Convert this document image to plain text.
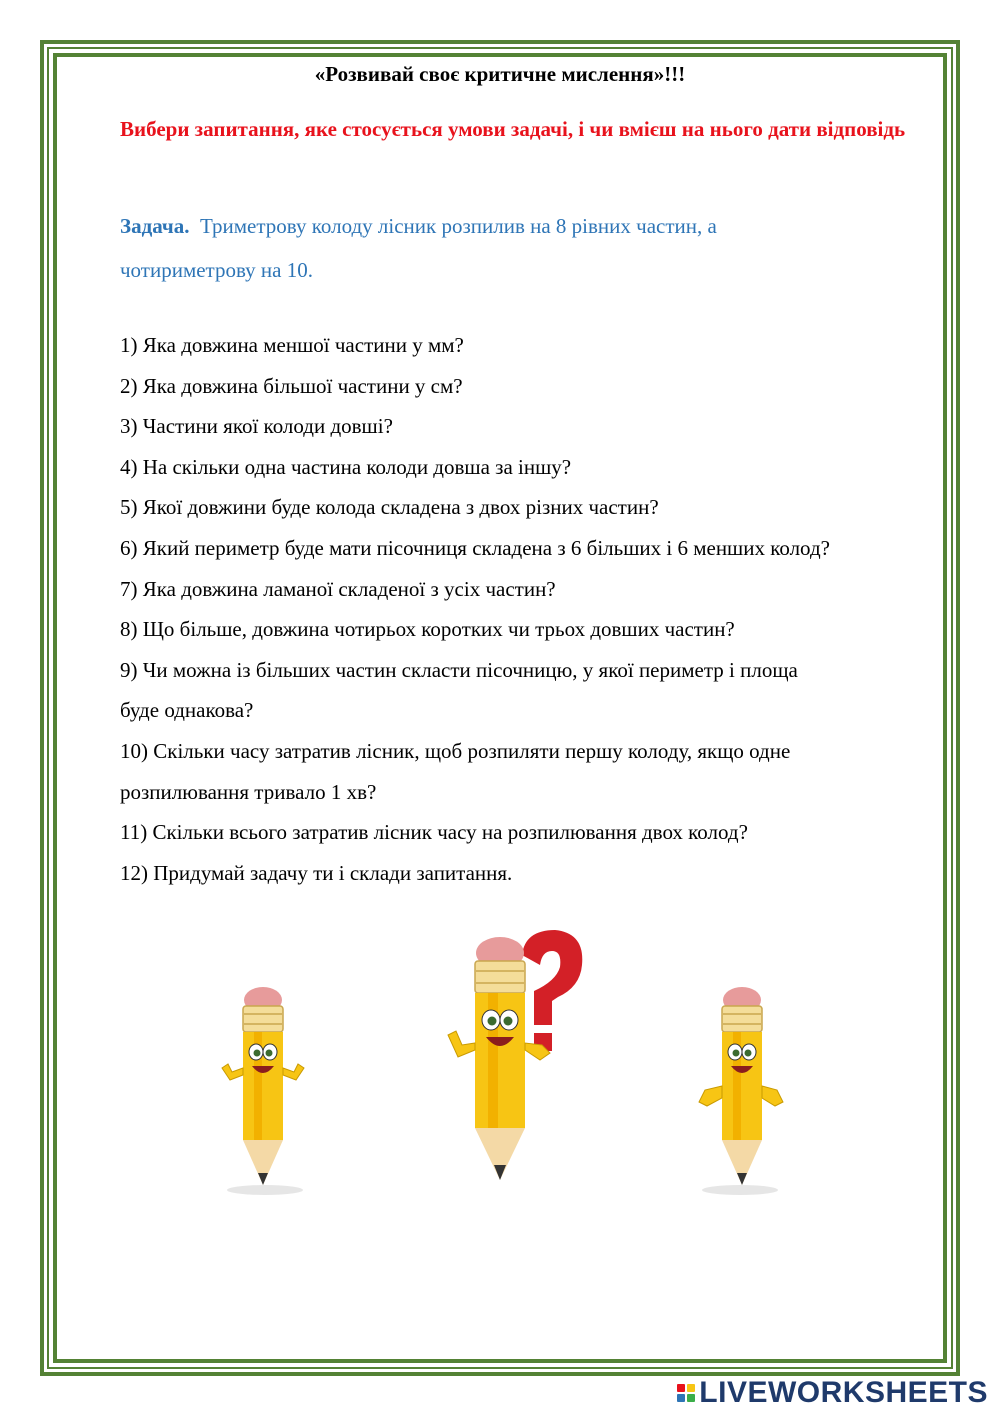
«Розвивай своє критичне мислення»!!!
Вибери запитання, яке стосується умови задачі, і чи вмієш на нього дати відповідь
Задача. Триметрову колоду лісник розпилив на 8 рівних частин, а
чотириметрову на 10.
1) Яка довжина меншої частини у мм?
2) Яка довжина більшої частини у см?
3) Частини якої колоди довші?
4) На скільки одна частина колоди довша за іншу?
5) Якої довжини буде колода складена з двох різних частин?
6) Який периметр буде мати пісочниця складена з 6 більших і 6 менших колод?
7) Яка довжина ламаної складеної з усіх частин?
8) Що більше, довжина чотирьох коротких чи трьох довших частин?
9) Чи можна із більших частин скласти пісочницю, у якої периметр і площа
буде однакова?
10) Скільки часу затратив лісник, щоб розпиляти першу колоду, якщо одне
розпилювання тривало 1 хв?
11) Скільки всього затратив лісник часу на розпилювання двох колод?
12) Придумай задачу ти і склади запитання.
LIVEWORKSHEETS
